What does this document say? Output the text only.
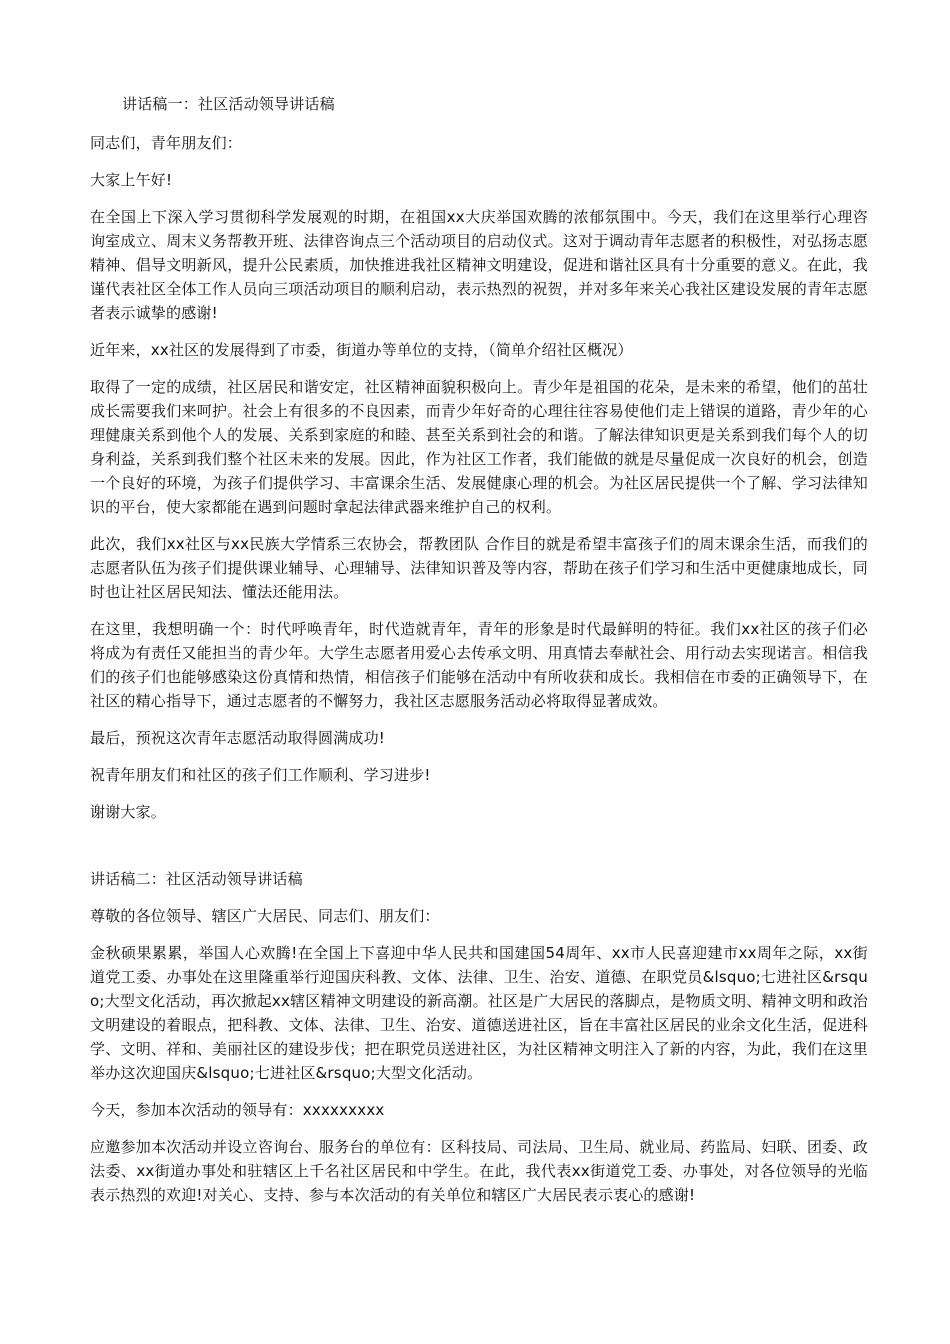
讲话稿一：社区活动领导讲话稿

同志们，青年朋友们：

大家上午好!

在全国上下深入学习贯彻科学发展观的时期，在祖国xx大庆举国欢腾的浓郁氛围中。今天，我们在这里举行心理咨询室成立、周末义务帮教开班、法律咨询点三个活动项目的启动仪式。这对于调动青年志愿者的积极性，对弘扬志愿精神、倡导文明新风，提升公民素质，加快推进我社区精神文明建设，促进和谐社区具有十分重要的意义。在此，我谨代表社区全体工作人员向三项活动项目的顺利启动，表示热烈的祝贺，并对多年来关心我社区建设发展的青年志愿者表示诚挚的感谢!

近年来，xx社区的发展得到了市委，街道办等单位的支持，（简单介绍社区概况）

取得了一定的成绩，社区居民和谐安定，社区精神面貌积极向上。青少年是祖国的花朵，是未来的希望，他们的茁壮成长需要我们来呵护。社会上有很多的不良因素，而青少年好奇的心理往往容易使他们走上错误的道路，青少年的心理健康关系到他个人的发展、关系到家庭的和睦、甚至关系到社会的和谐。了解法律知识更是关系到我们每个人的切身利益，关系到我们整个社区未来的发展。因此，作为社区工作者，我们能做的就是尽量促成一次良好的机会，创造一个良好的环境，为孩子们提供学习、丰富课余生活、发展健康心理的机会。为社区居民提供一个了解、学习法律知识的平台，使大家都能在遇到问题时拿起法律武器来维护自己的权利。

此次，我们xx社区与xx民族大学情系三农协会，帮教团队 合作目的就是希望丰富孩子们的周末课余生活，而我们的志愿者队伍为孩子们提供课业辅导、心理辅导、法律知识普及等内容，帮助在孩子们学习和生活中更健康地成长，同时也让社区居民知法、懂法还能用法。

在这里，我想明确一个：时代呼唤青年，时代造就青年，青年的形象是时代最鲜明的特征。我们xx社区的孩子们必将成为有责任又能担当的青少年。大学生志愿者用爱心去传承文明、用真情去奉献社会、用行动去实现诺言。相信我们的孩子们也能够感染这份真情和热情，相信孩子们能够在活动中有所收获和成长。我相信在市委的正确领导下，在社区的精心指导下，通过志愿者的不懈努力，我社区志愿服务活动必将取得显著成效。

最后，预祝这次青年志愿活动取得圆满成功!

祝青年朋友们和社区的孩子们工作顺利、学习进步!

谢谢大家。

讲话稿二：社区活动领导讲话稿

尊敬的各位领导、辖区广大居民、同志们、朋友们：

金秋硕果累累，举国人心欢腾!在全国上下喜迎中华人民共和国建国54周年、xx市人民喜迎建市xx周年之际，xx街道党工委、办事处在这里隆重举行迎国庆科教、文体、法律、卫生、治安、道德、在职党员&lsquo;七进社区&rsquo;大型文化活动，再次掀起xx辖区精神文明建设的新高潮。社区是广大居民的落脚点，是物质文明、精神文明和政治文明建设的着眼点，把科教、文体、法律、卫生、治安、道德送进社区，旨在丰富社区居民的业余文化生活，促进科学、文明、祥和、美丽社区的建设步伐；把在职党员送进社区，为社区精神文明注入了新的内容，为此，我们在这里举办这次迎国庆&lsquo;七进社区&rsquo;大型文化活动。

今天，参加本次活动的领导有：xxxxxxxxx

应邀参加本次活动并设立咨询台、服务台的单位有：区科技局、司法局、卫生局、就业局、药监局、妇联、团委、政法委、xx街道办事处和驻辖区上千名社区居民和中学生。在此，我代表xx街道党工委、办事处，对各位领导的光临表示热烈的欢迎!对关心、支持、参与本次活动的有关单位和辖区广大居民表示衷心的感谢!
